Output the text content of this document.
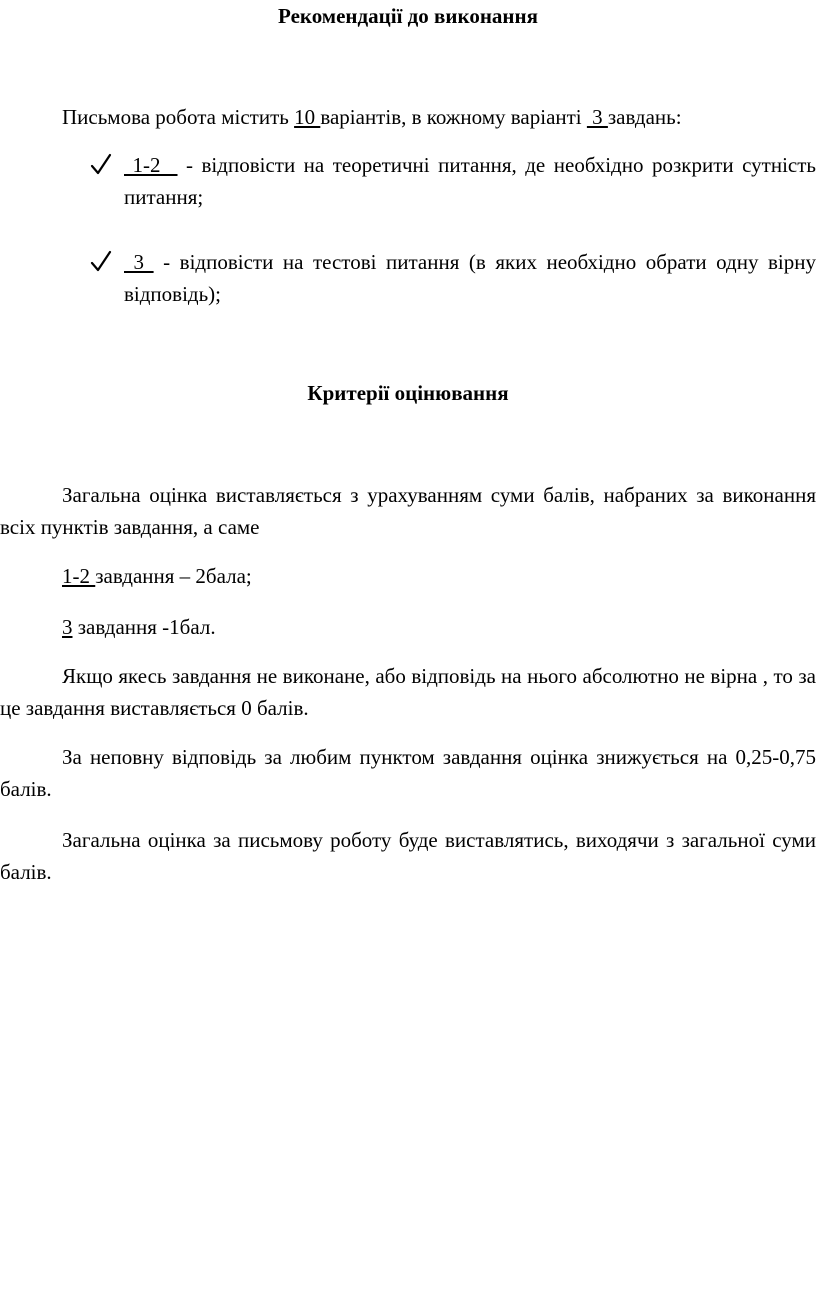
Рекомендації до виконання

Письмова робота містить 10 варіантів, в кожному варіанті  3 завдань:

1-2   - відповісти на теоретичні питання, де необхідно розкрити сутність питання;

3  - відповісти на тестові питання (в яких необхідно обрати одну вірну відповідь);

Критерії оцінювання

Загальна оцінка виставляється з урахуванням суми балів, набраних за виконання всіх пунктів завдання, а саме

1-2 завдання – 2бала;

3 завдання -1бал.

Якщо якесь завдання не виконане, або відповідь на нього абсолютно не вірна , то за це завдання виставляється 0 балів.

За неповну відповідь за любим пунктом завдання оцінка знижується на 0,25-0,75 балів.

Загальна оцінка за письмову роботу буде виставлятись, виходячи з загальної суми балів.
